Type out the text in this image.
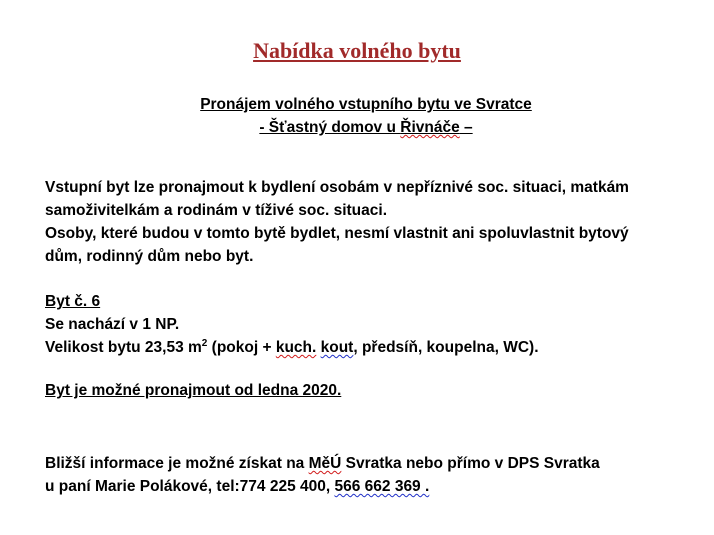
Nabídka volného bytu
Pronájem volného vstupního bytu ve Svratce
- Šťastný domov u Řivnáče –
Vstupní byt lze pronajmout k bydlení osobám v nepříznivé soc. situaci, matkám
samoživitelkám a rodinám v tíživé soc. situaci.
Osoby, které budou v tomto bytě bydlet, nesmí vlastnit ani spoluvlastnit bytový
dům, rodinný dům nebo byt.
Byt č. 6
Se nachází v 1 NP.
Velikost bytu 23,53 $m^2$ (pokoj + kuch. kout, předsíň, koupelna, WC).
Byt je možné pronajmout od ledna 2020.
Bližší informace je možné získat na MěÚ Svratka nebo přímo v DPS Svratka
u paní Marie Polákové, tel:774 225 400, 566 662 369 .
